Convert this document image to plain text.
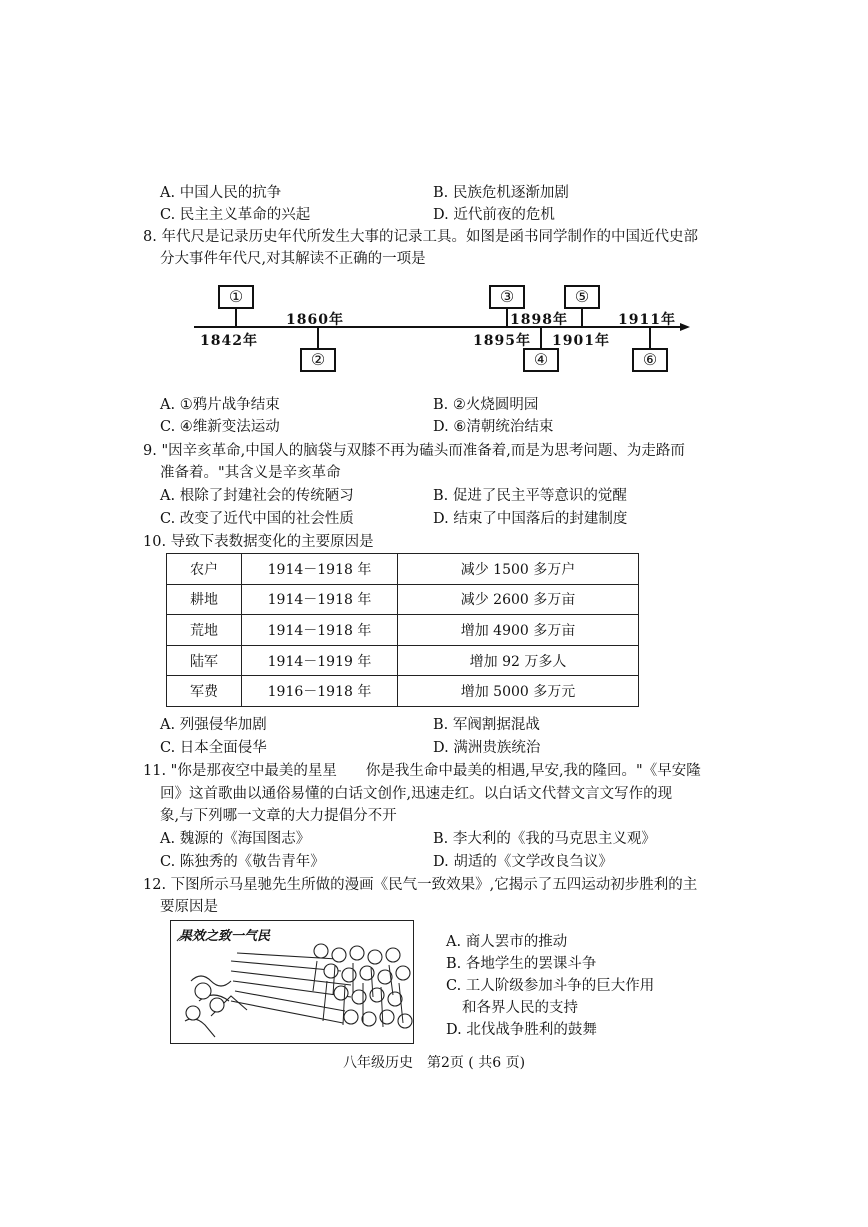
A. 中国人民的抗争	B. 民族危机逐渐加剧
C. 民主主义革命的兴起	D. 近代前夜的危机
8. 年代尺是记录历史年代所发生大事的记录工具。如图是函书同学制作的中国近代史部
分大事件年代尺,对其解读不正确的一项是
①
②
③
④
⑤
⑥
1842年
1860年
1895年
1898年
1901年
1911年
A. ①鸦片战争结束	B. ②火烧圆明园
C. ④维新变法运动	D. ⑥清朝统治结束
9. "因辛亥革命,中国人的脑袋与双膝不再为磕头而准备着,而是为思考问题、为走路而
准备着。"其含义是辛亥革命
A. 根除了封建社会的传统陋习	B. 促进了民主平等意识的觉醒
C. 改变了近代中国的社会性质	D. 结束了中国落后的封建制度
10. 导致下表数据变化的主要原因是
农户	1914－1918 年	减少 1500 多万户
耕地	1914－1918 年	减少 2600 多万亩
荒地	1914－1918 年	增加 4900 多万亩
陆军	1914－1919 年	增加 92 万多人
军费	1916－1918 年	增加 5000 多万元
A. 列强侵华加剧	B. 军阀割据混战
C. 日本全面侵华	D. 满洲贵族统治
11. "你是那夜空中最美的星星　　你是我生命中最美的相遇,早安,我的隆回。"《早安隆
回》这首歌曲以通俗易懂的白话文创作,迅速走红。以白话文代替文言文写作的现
象,与下列哪一文章的大力提倡分不开
A. 魏源的《海国图志》	B. 李大利的《我的马克思主义观》
C. 陈独秀的《敬告青年》	D. 胡适的《文学改良刍议》
12. 下图所示马星驰先生所做的漫画《民气一致效果》,它揭示了五四运动初步胜利的主
要原因是
果效之致一气民	A. 商人罢市的推动
B. 各地学生的罢课斗争
C. 工人阶级参加斗争的巨大作用
和各界人民的支持
D. 北伐战争胜利的鼓舞
八年级历史　第2页 ( 共6 页)
